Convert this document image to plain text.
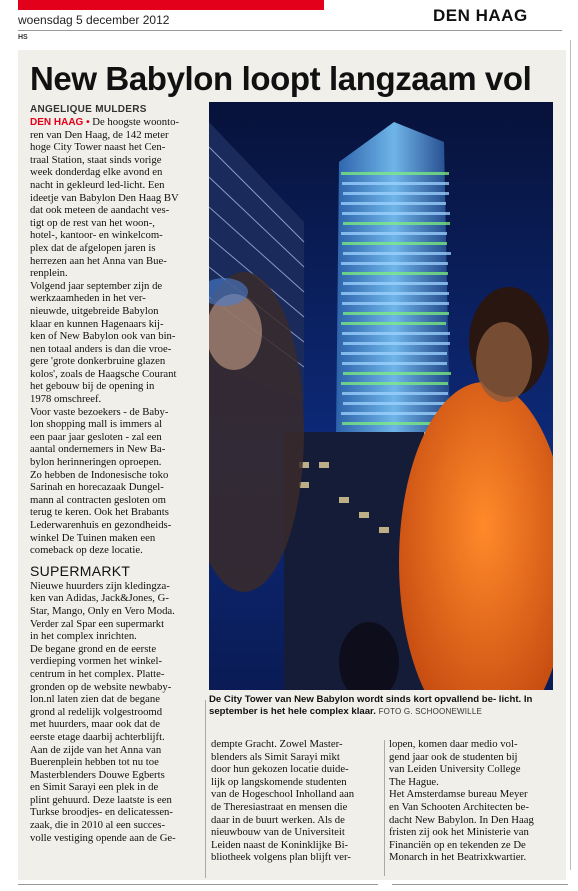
woensdag 5 december 2012	DEN HAAG
HS
New Babylon loopt langzaam vol
ANGELIQUE MULDERS

DEN HAAG • De hoogste woonto-
ren van Den Haag, de 142 meter
hoge City Tower naast het Cen-
traal Station, staat sinds vorige
week donderdag elke avond en
nacht in gekleurd led-licht. Een
ideetje van Babylon Den Haag BV
dat ook meteen de aandacht ves-
tigt op de rest van het woon-,
hotel-, kantoor- en winkelcom-
plex dat de afgelopen jaren is
herrezen aan het Anna van Bue-
renplein.

Volgend jaar september zijn de
werkzaamheden in het ver-
nieuwde, uitgebreide Babylon
klaar en kunnen Hagenaars kij-
ken of New Babylon ook van bin-
nen totaal anders is dan die vroe-
gere 'grote donkerbruine glazen
kolos', zoals de Haagsche Courant
het gebouw bij de opening in
1978 omschreef.

Voor vaste bezoekers - de Baby-
lon shopping mall is immers al
een paar jaar gesloten - zal een
aantal ondernemers in New Ba-
bylon herinneringen oproepen.
Zo hebben de Indonesische toko
Sarinah en horecazaak Dungel-
mann al contracten gesloten om
terug te keren. Ook het Brabants
Lederwarenhuis en gezondheids-
winkel De Tuinen maken een
comeback op deze locatie.

SUPERMARKT

Nieuwe huurders zijn kledingza-
ken van Adidas, Jack&Jones, G-
Star, Mango, Only en Vero Moda.
Verder zal Spar een supermarkt
in het complex inrichten.

De begane grond en de eerste
verdieping vormen het winkel-
centrum in het complex. Platte-
gronden op de website newbaby-
lon.nl laten zien dat de begane
grond al redelijk volgestroomd
met huurders, maar ook dat de
eerste etage daarbij achterblijft.
Aan de zijde van het Anna van
Buerenplein hebben tot nu toe
Masterblenders Douwe Egberts
en Simit Sarayi een plek in de
plint gehuurd. Deze laatste is een
Turkse broodjes- en delicatessen-
zaak, die in 2010 al een succes-
volle vestiging opende aan de Ge-

De City Tower van New Babylon wordt sinds kort opvallend be- licht. In september is het hele complex klaar. FOTO G. SCHOONEWILLE

dempte Gracht. Zowel Master-
blenders als Simit Sarayi mikt
door hun gekozen locatie duide-
lijk op langskomende studenten
van de Hogeschool Inholland aan
de Theresiastraat en mensen die
daar in de buurt werken. Als de
nieuwbouw van de Universiteit
Leiden naast de Koninklijke Bi-
bliotheek volgens plan blijft ver-

lopen, komen daar medio vol-
gend jaar ook de studenten bij
van Leiden University College
The Hague.

Het Amsterdamse bureau Meyer
en Van Schooten Architecten be-
dacht New Babylon. In Den Haag
fristen zij ook het Ministerie van
Financiën op en tekenden ze De
Monarch in het Beatrixkwartier.
